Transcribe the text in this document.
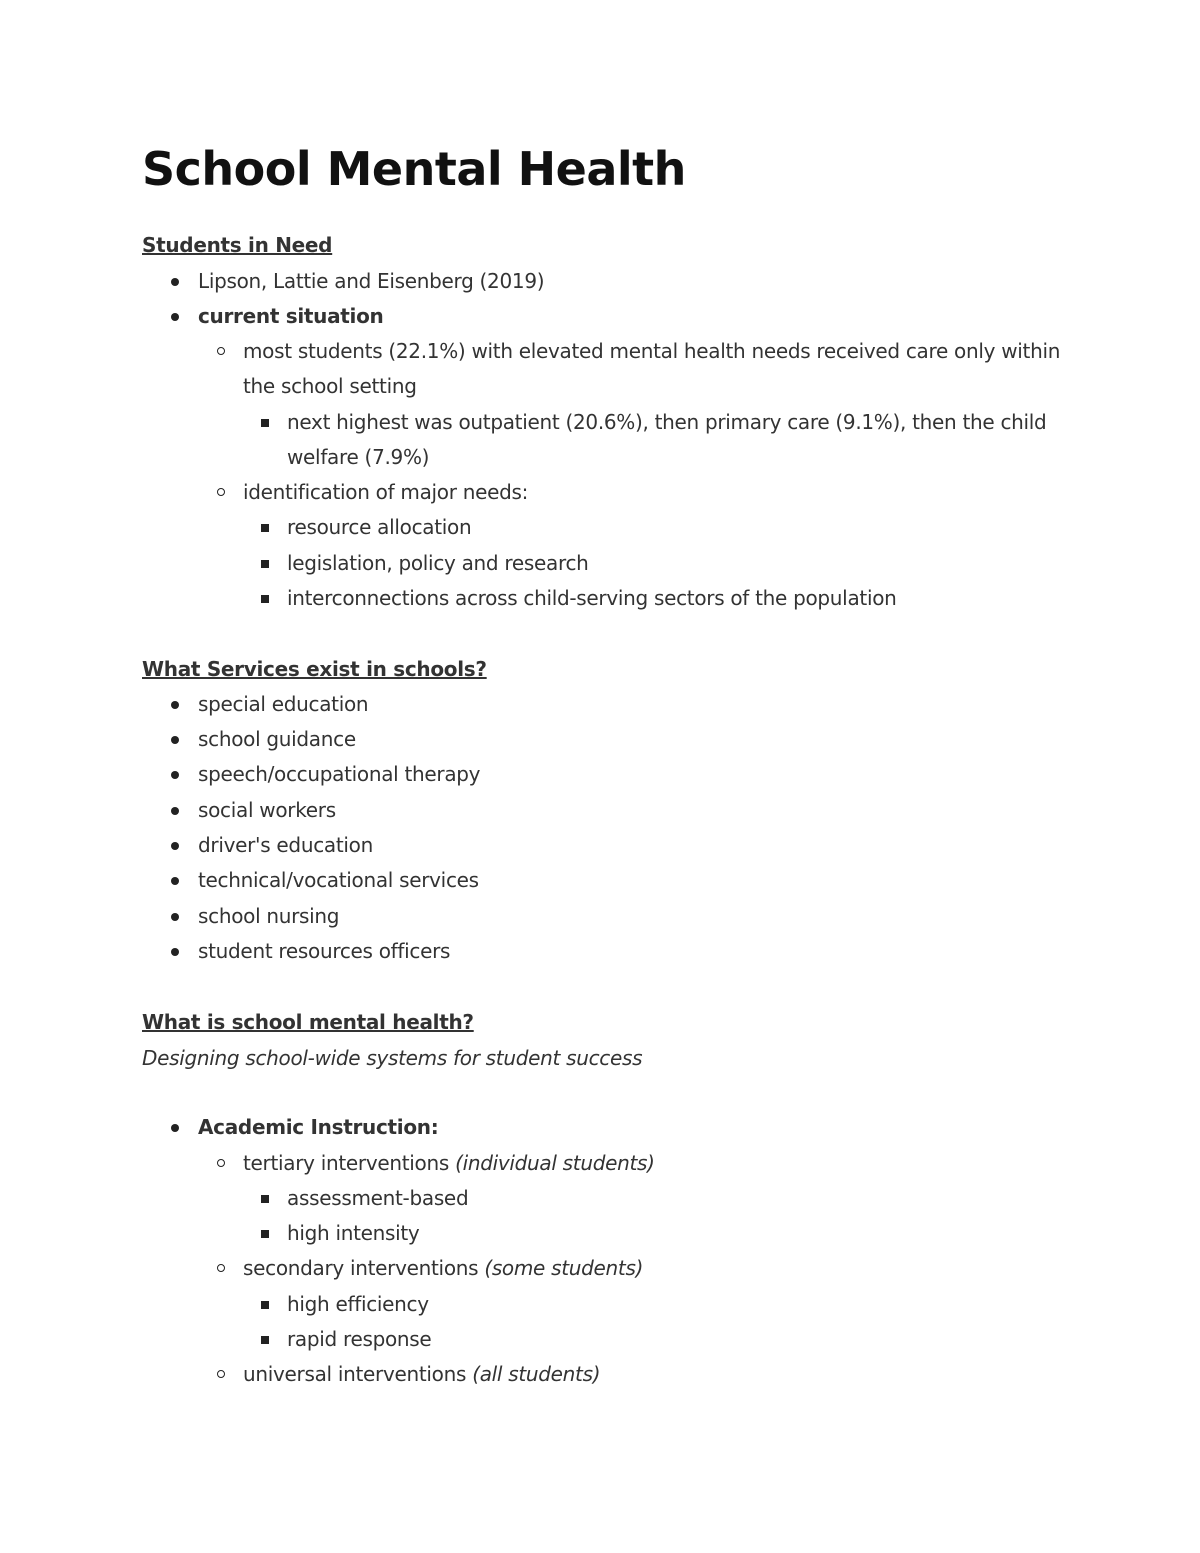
School Mental Health

Students in Need

Lipson, Lattie and Eisenberg (2019)
current situation
most students (22.1%) with elevated mental health needs received care only within the school setting
next highest was outpatient (20.6%), then primary care (9.1%), then the child welfare (7.9%)
identification of major needs:
resource allocation
legislation, policy and research
interconnections across child-serving sectors of the population

What Services exist in schools?

special education
school guidance
speech/occupational therapy
social workers
driver's education
technical/vocational services
school nursing
student resources officers

What is school mental health?

Designing school-wide systems for student success

Academic Instruction:
tertiary interventions (individual students)
assessment-based
high intensity
secondary interventions (some students)
high efficiency
rapid response
universal interventions (all students)
